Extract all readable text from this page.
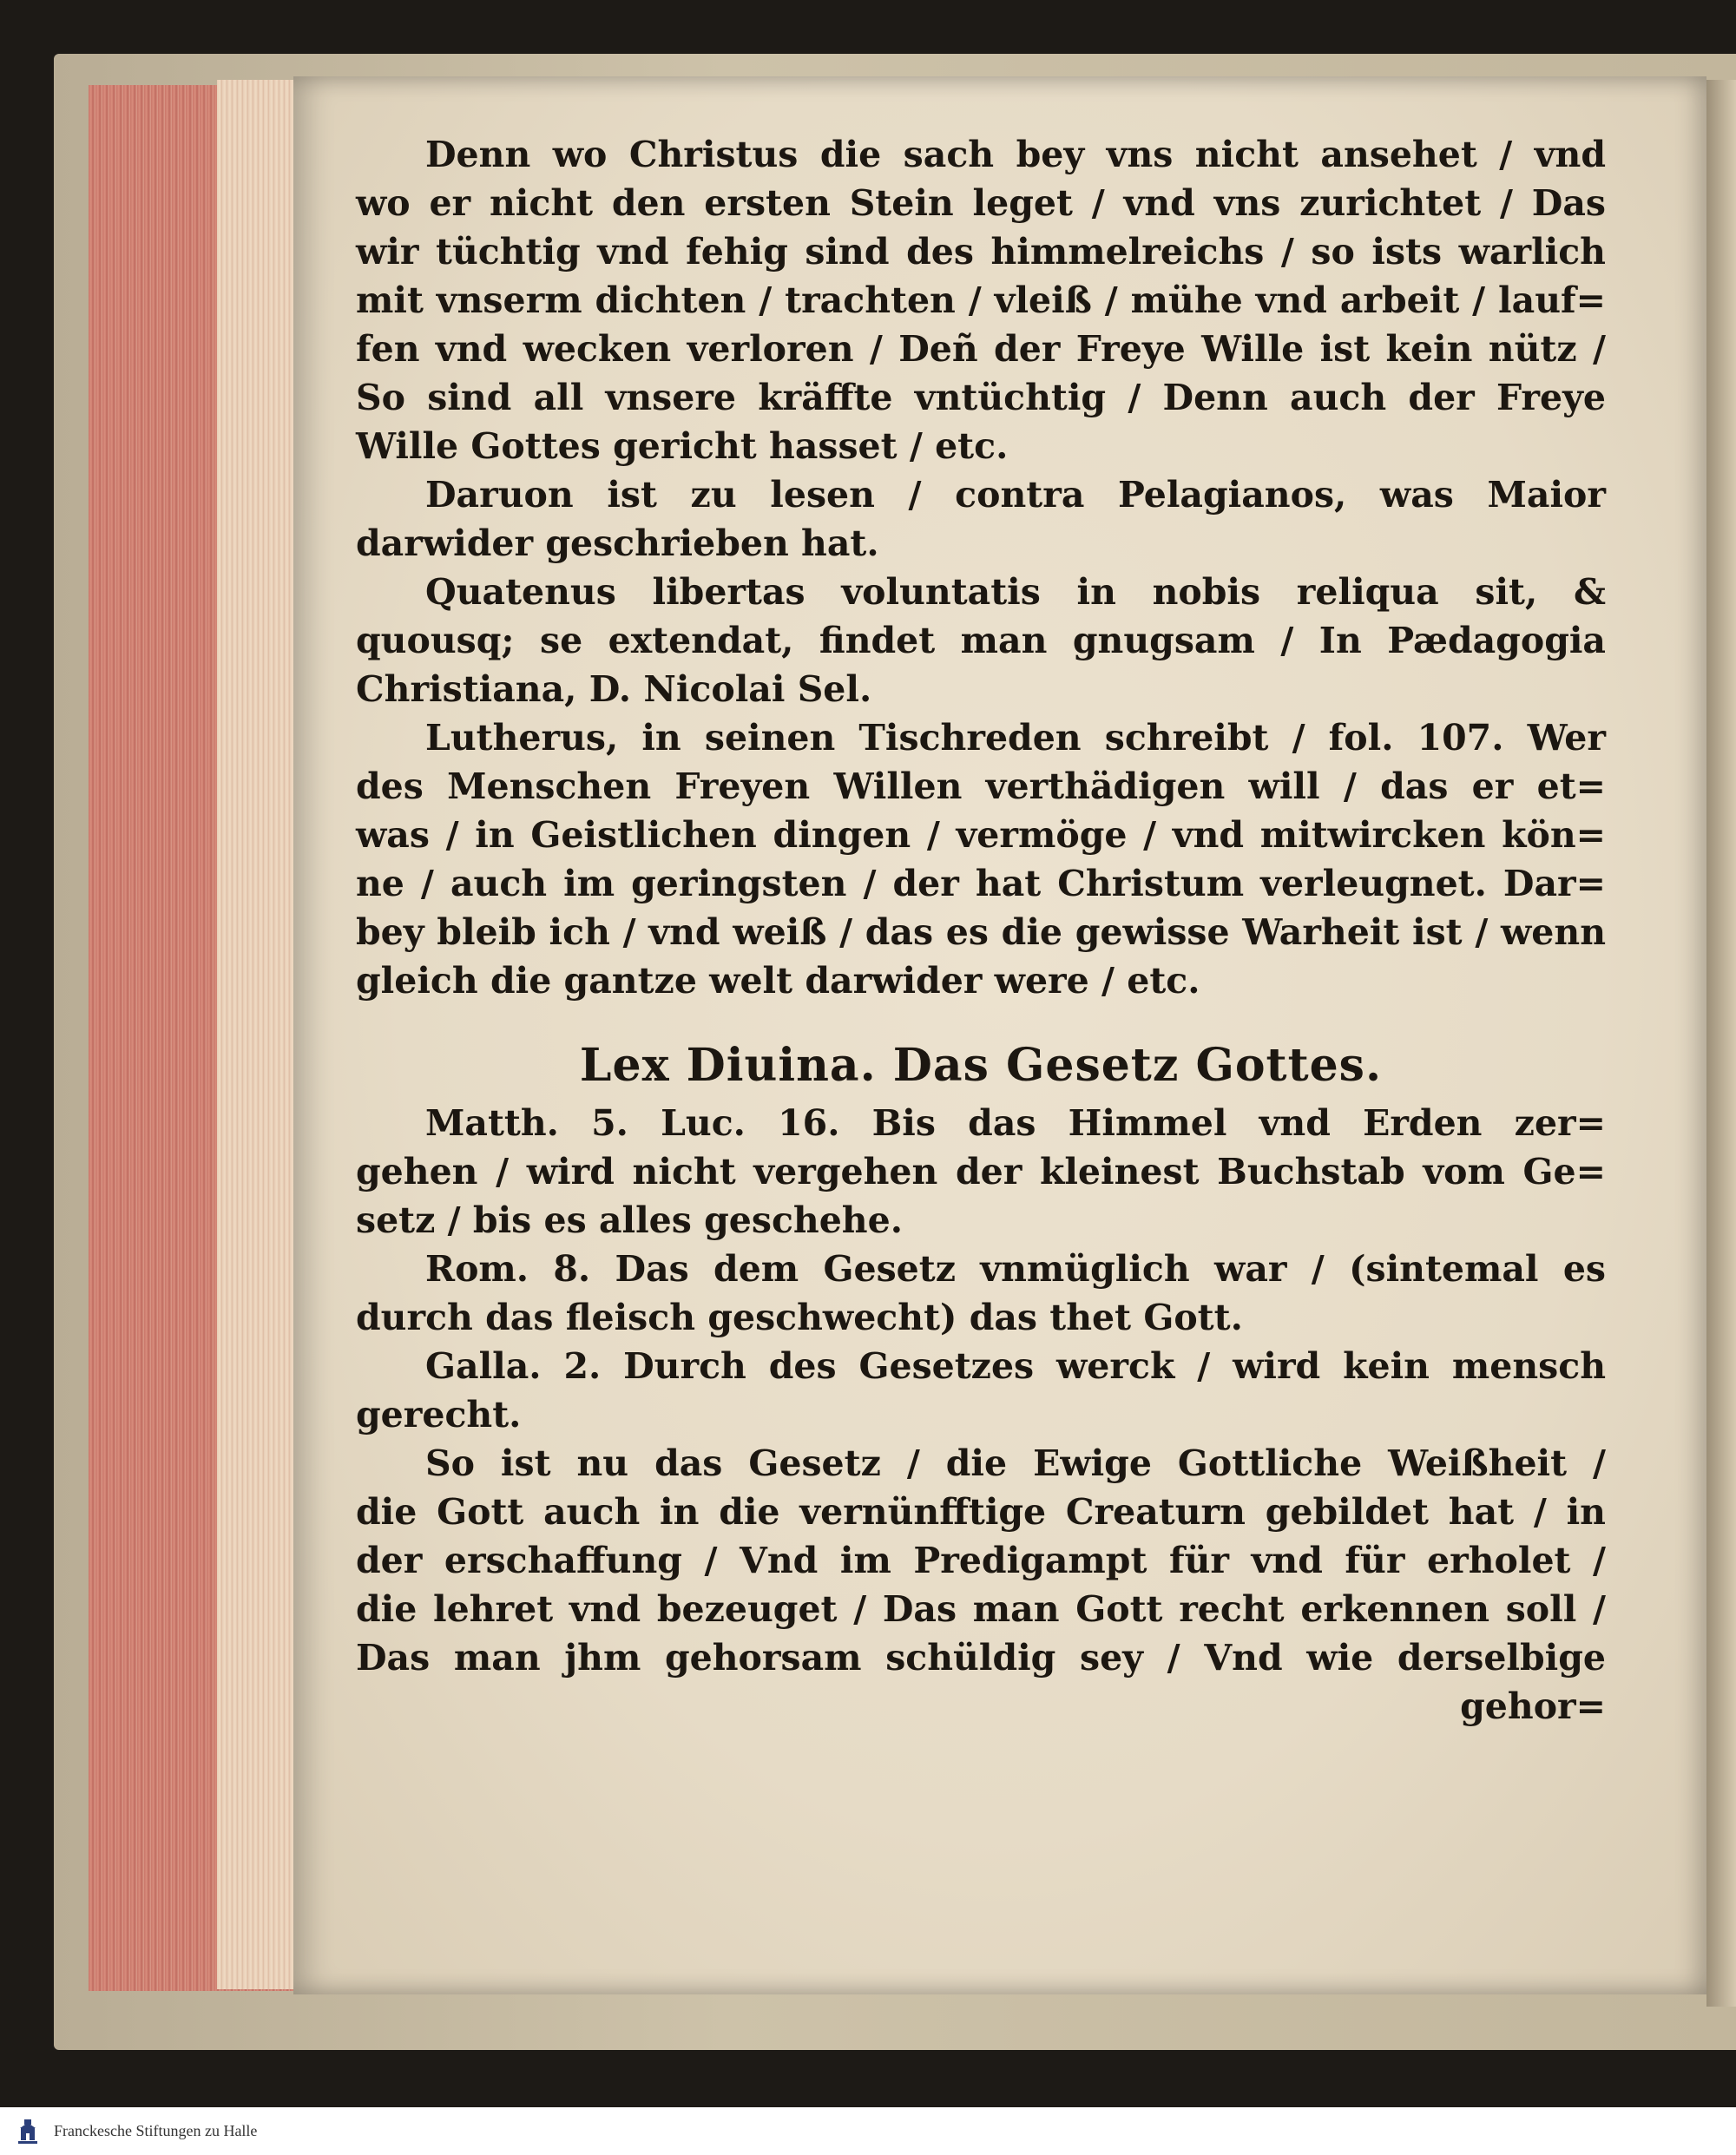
Denn wo Christus die sach bey vns nicht ansehet / vnd
wo er nicht den ersten Stein leget / vnd vns zurichtet / Das
wir tüchtig vnd fehig sind des himmelreichs / so ists warlich
mit vnserm dichten / trachten / vleiß / mühe vnd arbeit / lauf=
fen vnd wecken verloren / Deñ der Freye Wille ist kein nütz /
So sind all vnsere kräffte vntüchtig / Denn auch der Freye
Wille Gottes gericht hasset / etc.
Daruon ist zu lesen / contra Pelagianos, was Maior
darwider geschrieben hat.
Quatenus libertas voluntatis in nobis reliqua sit, &
quousq; se extendat, findet man gnugsam / In Pædagogia
Christiana, D. Nicolai Sel.
Lutherus, in seinen Tischreden schreibt / fol. 107. Wer
des Menschen Freyen Willen verthädigen will / das er et=
was / in Geistlichen dingen / vermöge / vnd mitwircken kön=
ne / auch im geringsten / der hat Christum verleugnet. Dar=
bey bleib ich / vnd weiß / das es die gewisse Warheit ist / wenn
gleich die gantze welt darwider were / etc.
Lex Diuina. Das Gesetz Gottes.
Matth. 5. Luc. 16. Bis das Himmel vnd Erden zer=
gehen / wird nicht vergehen der kleinest Buchstab vom Ge=
setz / bis es alles geschehe.
Rom. 8. Das dem Gesetz vnmüglich war / (sintemal es
durch das fleisch geschwecht) das thet Gott.
Galla. 2. Durch des Gesetzes werck / wird kein mensch
gerecht.
So ist nu das Gesetz / die Ewige Gottliche Weißheit /
die Gott auch in die vernünfftige Creaturn gebildet hat / in
der erschaffung / Vnd im Predigampt für vnd für erholet /
die lehret vnd bezeuget / Das man Gott recht erkennen soll /
Das man jhm gehorsam schüldig sey / Vnd wie derselbige
gehor=
Franckesche Stiftungen zu Halle
